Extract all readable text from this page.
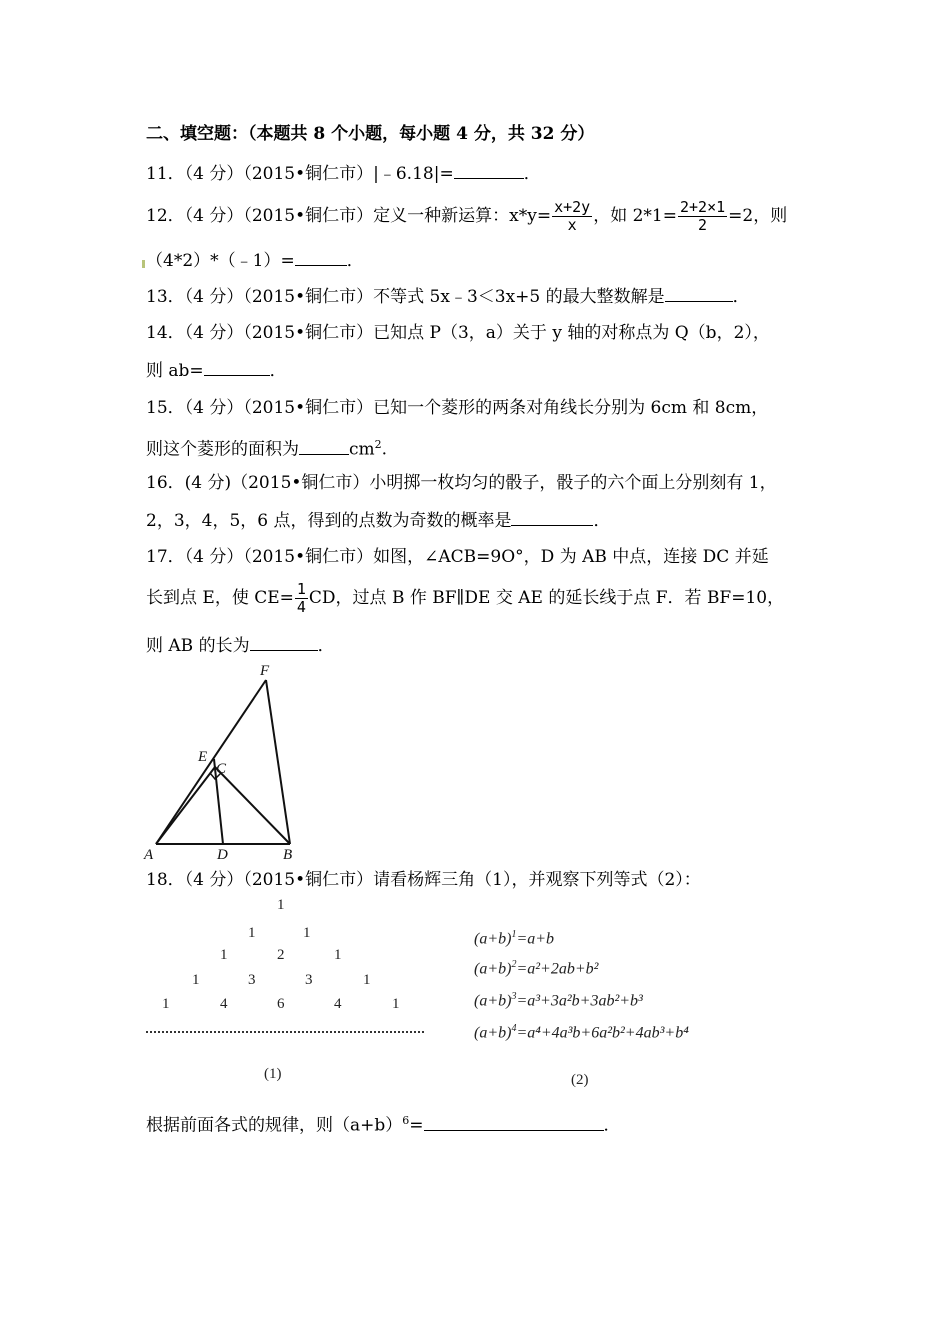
二、填空题：（本题共 8 个小题，每小题 4 分，共 32 分）
11．（4 分）（2015•铜仁市）|﹣6.18|=	．
12．（4 分）（2015•铜仁市）定义一种新运算：$x*y= \frac{x+2y}{x}$ ，如 $2*1= \frac{2+2\times 1}{2} =2$，则
（4*2）*（﹣1）=	．
13．（4 分）（2015•铜仁市）不等式 5x﹣3＜3x+5 的最大整数解是	．
14．（4 分）（2015•铜仁市）已知点 P（3，a）关于 y 轴的对称点为 Q（b，2），
则 ab=	．
15．（4 分）（2015•铜仁市）已知一个菱形的两条对角线长分别为 6cm 和 8cm，
则这个菱形的面积为	$cm^2$.
16．(4 分)（2015•铜仁市）小明掷一枚均匀的骰子，骰子的六个面上分别刻有 1，
2，3，4，5，6 点，得到的点数为奇数的概率是	．
17．（4 分）（2015•铜仁市）如图，∠ACB=9O°，D 为 AB 中点，连接 DC 并延
长到点 E，使 $CE= \frac{1}{4}$ CD，过点 B 作 BF∥DE 交 AE 的延长线于点 F．若 BF=10，
则 AB 的长为	．
F
E
C
A	D	B
18．（4 分）（2015•铜仁市）请看杨辉三角（1），并观察下列等式（2）：
1
1	1
1	2	1
1	3	3	1
1	4	6	4	1
(1)
$(a+b)^1=a+b$
$(a+b)^2=a^2+2ab+b^2$
$(a+b)^3=a^3+3a^2b+3ab^2+b^3$
$(a+b)^4=a^4+4a^3b+6a^2b^2+4ab^3+b^4$
(2)
根据前面各式的规律，则$(a+b)^6=$	．
